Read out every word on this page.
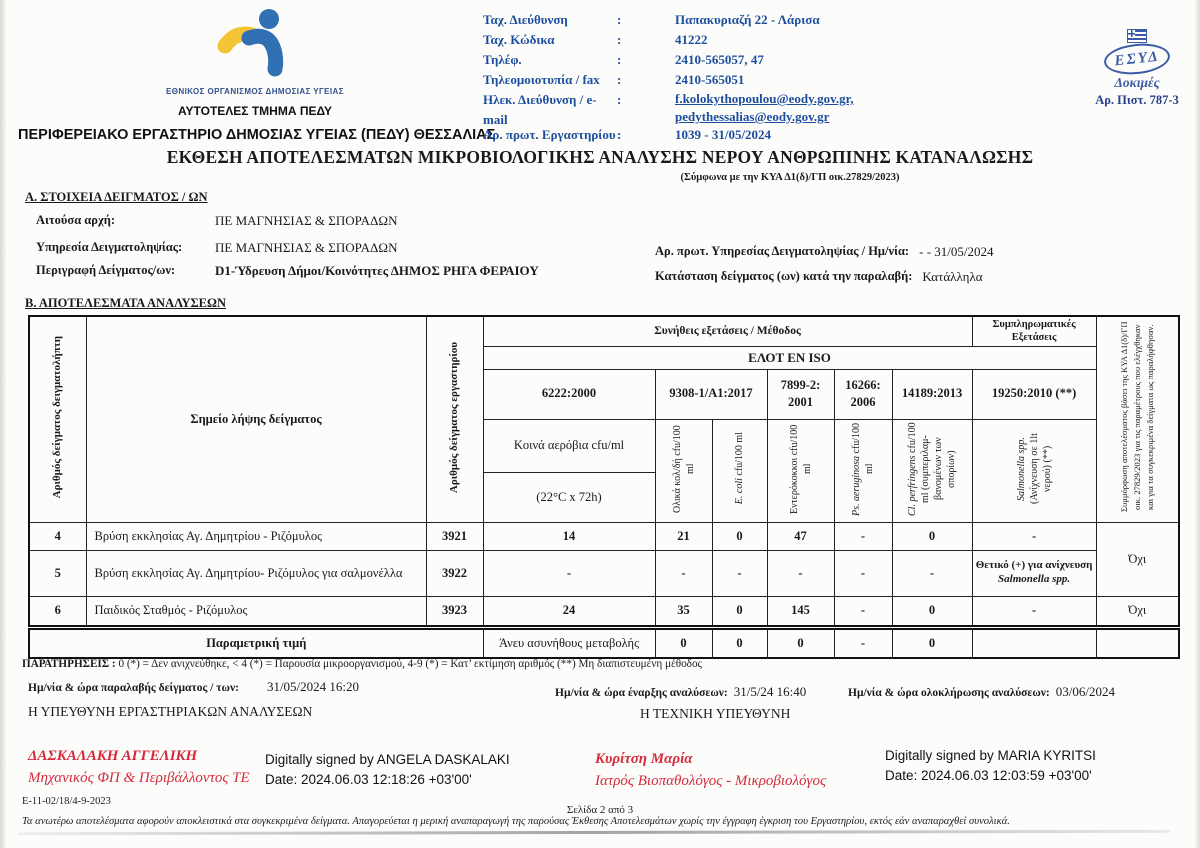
ΕΘΝΙΚΟΣ ΟΡΓΑΝΙΣΜΟΣ ΔΗΜΟΣΙΑΣ ΥΓΕΙΑΣ
ΑΥΤΟΤΕΛΕΣ ΤΜΗΜΑ ΠΕΔΥ
ΠΕΡΙΦΕΡΕΙΑΚΟ ΕΡΓΑΣΤΗΡΙΟ ΔΗΜΟΣΙΑΣ ΥΓΕΙΑΣ (ΠΕΔΥ) ΘΕΣΣΑΛΙΑΣ
Ταχ. Διεύθυνση	:	Παπακυριαζή 22 - Λάρισα
Ταχ. Κώδικα	:	41222
Τηλέφ.	:	2410-565057, 47
Τηλεομοιοτυπία / fax	:	2410-565051
Ηλεκ. Διεύθυνση / e-mail
:	f.kolokythopoulou@eody.gov.gr,
pedythessalias@eody.gov.gr
Αρ. πρωτ. Εργαστηρίου :	1039 - 31/05/2024
ΕΣΥΔ
Δοκιμές
Αρ. Πιστ. 787-3
ΕΚΘΕΣΗ ΑΠΟΤΕΛΕΣΜΑΤΩΝ ΜΙΚΡΟΒΙΟΛΟΓΙΚΗΣ ΑΝΑΛΥΣΗΣ ΝΕΡΟΥ ΑΝΘΡΩΠΙΝΗΣ ΚΑΤΑΝΑΛΩΣΗΣ
(Σύμφωνα με την ΚΥΑ Δ1(δ)/ΓΠ οικ.27829/2023)
Α. ΣΤΟΙΧΕΙΑ ΔΕΙΓΜΑΤΟΣ / ΩΝ
Αιτούσα αρχή:	ΠΕ ΜΑΓΝΗΣΙΑΣ & ΣΠΟΡΑΔΩΝ
Υπηρεσία Δειγματοληψίας:	ΠΕ ΜΑΓΝΗΣΙΑΣ & ΣΠΟΡΑΔΩΝ
Περιγραφή Δείγματος/ων:	D1-Ύδρευση Δήμοι/Κοινότητες ΔΗΜΟΣ ΡΗΓΑ ΦΕΡΑΙΟΥ
Αρ. πρωτ. Υπηρεσίας Δειγματοληψίας / Ημ/νία: - - 31/05/2024
Κατάσταση δείγματος (ων) κατά την παραλαβή: Κατάλληλα
Β. ΑΠΟΤΕΛΕΣΜΑΤΑ ΑΝΑΛΥΣΕΩΝ
Αριθμός δείγματος δειγματολήπτη	Σημείο λήψης δείγματος	Αριθμός δείγματος εργαστηρίου	Συνήθεις εξετάσεις / Μέθοδος						Συμπληρωματικές Εξετάσεις	Συμμόρφωση αποτελέσματος βάσει της ΚΥΑ Δ1(δ)/ΓΠ οικ. 27829/2023 για τις παραμέτρους που ελέγχθηκαν και για τα συγκεκριμένα δείγματα ως παραλήφθησαν.
			ΕΛΟΤ ΕΝ ISO							
			6222:2000	9308-1/A1:2017		7899-2: 2001	16266: 2006	14189:2013	19250:2010 (**)	
			Κοινά αερόβια cfu/ml	Ολικά κολ/δή cfu/100 ml	E. coli cfu/100 ml	Εντερόκοκκοι cfu/100 ml	Ps. aeruginosa cfu/100 ml	Cl. perfringens cfu/100 ml (συμπεριλαμ- βανομένων των σπορίων)	Salmonella spp. (Ανίχνευση σε 1lt νερού) (**)	
			(22°C x 72h)							
4	Βρύση εκκλησίας Αγ. Δημητρίου - Ριζόμυλος	3921	14	21	0	47	-	0	-	Όχι
5	Βρύση εκκλησίας Αγ. Δημητρίου- Ριζόμυλος για σαλμονέλλα	3922	-	-	-	-	-	-	Θετικό (+) για ανίχνευση
Salmonella spp.	

6	Παιδικός Σταθμός - Ριζόμυλος	3923	24	35	0	145	-	0	-	Όχι
Παραμετρική τιμή	Άνευ ασυνήθους μεταβολής	0	0	0	-	0		
ΠΑΡΑΤΗΡΗΣΕΙΣ : 0 (*) = Δεν ανιχνεύθηκε, < 4 (*) = Παρουσία μικροοργανισμού, 4-9 (*) = Κατ’ εκτίμηση αριθμός (**) Μη διαπιστευμένη μέθοδος
Ημ/νία & ώρα παραλαβής δείγματος / των: 31/05/2024 16:20	Ημ/νία & ώρα έναρξης αναλύσεων: 31/5/24 16:40	Ημ/νία & ώρα ολοκλήρωσης αναλύσεων: 03/06/2024
Η ΥΠΕΥΘΥΝΗ ΕΡΓΑΣΤΗΡΙΑΚΩΝ ΑΝΑΛΥΣΕΩΝ	Η ΤΕΧΝΙΚΗ ΥΠΕΥΘΥΝΗ
ΔΑΣΚΑΛΑΚΗ ΑΓΓΕΛΙΚΗ
Μηχανικός ΦΠ & Περιβάλλοντος ΤΕ
Digitally signed by ANGELA DASKALAKI
Date: 2024.06.03 12:18:26 +03'00'
Κυρίτση Μαρία
Ιατρός Βιοπαθολόγος - Μικροβιολόγος
Digitally signed by MARIA KYRITSI
Date: 2024.06.03 12:03:59 +03'00'
E-11-02/18/4-9-2023
Σελίδα 2 από 3
Τα ανωτέρω αποτελέσματα αφορούν αποκλειστικά στα συγκεκριμένα δείγματα. Απαγορεύεται η μερική αναπαραγωγή της παρούσας Έκθεσης Αποτελεσμάτων χωρίς την έγγραφη έγκριση του Εργαστηρίου, εκτός εάν αναπαραχθεί συνολικά.
